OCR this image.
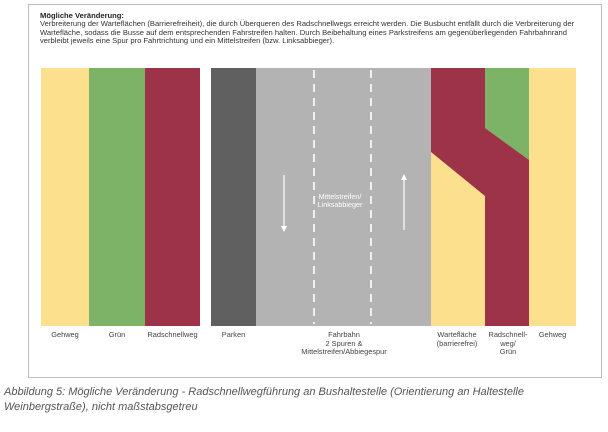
Mögliche Veränderung:
Verbreiterung der Warteflächen (Barrierefreiheit), die durch Überqueren des Radschnellwegs erreicht werden. Die Busbucht entfällt durch die Verbreiterung der Wartefläche, sodass die Busse auf dem entsprechenden Fahrstreifen halten. Durch Beibehaltung eines Parkstreifens am gegenüberliegenden Fahrbahnrand verbleibt jeweils eine Spur pro Fahrtrichtung und ein Mittelstreifen (bzw. Linksabbieger).
Mittelstreifen/
Linksabbieger
Gehweg	Grün	Radschnellweg	Parken	Fahrbahn
2 Spuren &
Mittelstreifen/Abbiegespur
Wartefläche
(barrierefrei)
Radschnell-
weg/
Grün
Gehweg
Abbildung 5: Mögliche Veränderung - Radschnellwegführung an Bushaltestelle (Orientierung an Haltestelle Weinbergstraße), nicht maßstabsgetreu
